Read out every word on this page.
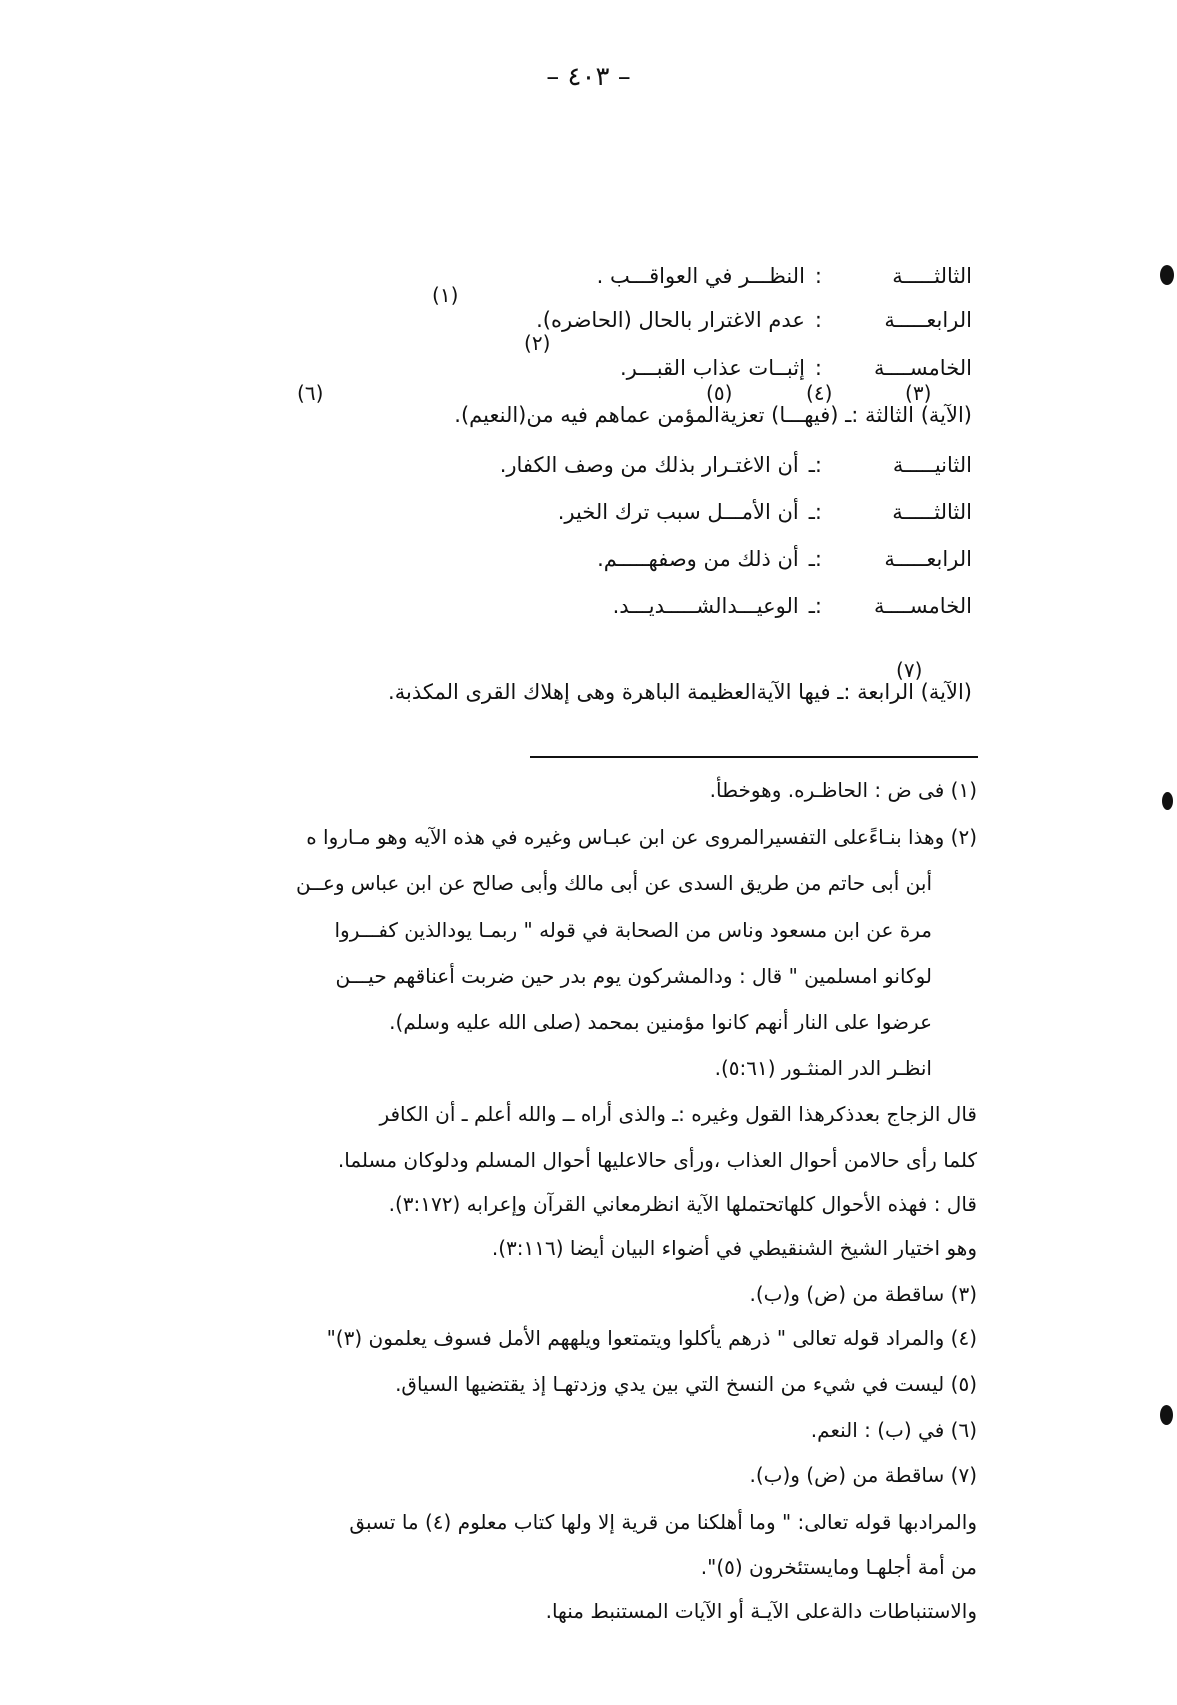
– ٤٠٣ –
الثالثـــــة:النظـــر في العواقـــب .
(١)
الرابعـــــة:عدم الاغترار بالحال (الحاضره).
(٢)
الخامســــة:إثبــات عذاب القبـــر.
(٦)	(٥)	(٤)	(٣)
(الآية) الثالثة :ـ (فيهـــا) تعزيةالمؤمن عماهم فيه من(النعيم).
الثانيـــــة:ـأن الاغتـرار بذلك من وصف الكفار.
الثالثـــــة:ـأن الأمـــل سبب ترك الخير.
الرابعـــــة:ـأن ذلك من وصفهـــــم.
الخامســــة:ـالوعيـــدالشـــــديـــد.
(٧)
(الآية) الرابعة :ـ فيها الآيةالعظيمة الباهرة وهى إهلاك القرى المكذبة.
(١) فى ض : الحاظـره. وهوخطأ.
(٢) وهذا بنـاءًعلى التفسيرالمروى عن ابن عبـاس وغيره في هذه الآيه وهو مـاروا ه
أبن أبى حاتم من طريق السدى عن أبى مالك وأبى صالح عن ابن عباس وعــن
مرة عن ابن مسعود وناس من الصحابة في قوله " ربمـا يودالذين كفـــروا
لوكانو امسلمين " قال : ودالمشركون يوم بدر حين ضربت أعناقهم حيـــن
عرضوا على النار أنهم كانوا مؤمنين بمحمد (صلى الله عليه وسلم).
انظـر الدر المنثـور (٥:٦١).
قال الزجاج بعدذكرهذا القول وغيره :ـ والذى أراه ــ والله أعلم ـ أن الكافر
كلما رأى حالامن أحوال العذاب ،ورأى حالاعليها أحوال المسلم ودلوكان مسلما.
قال : فهذه الأحوال كلهاتحتملها الآية انظرمعاني القرآن وإعرابه (٣:١٧٢).
وهو اختيار الشيخ الشنقيطي في أضواء البيان أيضا (٣:١١٦).
(٣) ساقطة من (ض) و(ب).
(٤) والمراد قوله تعالى " ذرهم يأكلوا ويتمتعوا ويلههم الأمل فسوف يعلمون (٣)"
(٥) ليست في شيء من النسخ التي بين يدي وزدتهـا إذ يقتضيها السياق.
(٦) في (ب) : النعم.
(٧) ساقطة من (ض) و(ب).
والمرادبها قوله تعالى: " وما أهلكنا من قرية إلا ولها كتاب معلوم (٤) ما تسبق
من أمة أجلهـا ومايستئخرون (٥)".
والاستنباطات دالةعلى الآيـة أو الآيات المستنبط منها.
